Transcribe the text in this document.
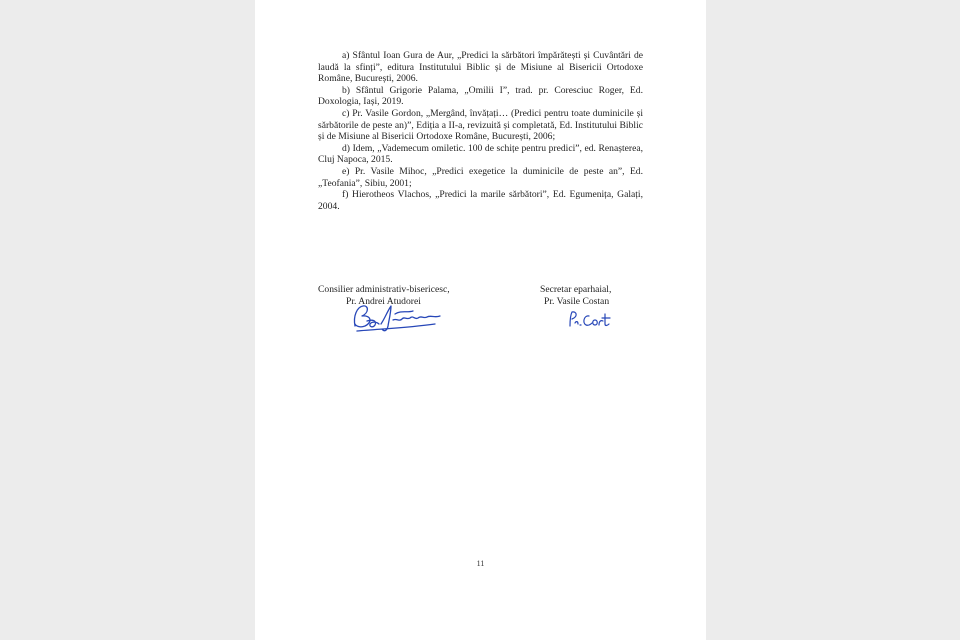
a) Sfântul Ioan Gura de Aur, „Predici la sărbători împărătești și Cuvântări de laudă la sfinți”, editura Institutului Biblic și de Misiune al Bisericii Ortodoxe Române, București, 2006.

b) Sfântul Grigorie Palama, „Omilii I”, trad. pr. Coresciuc Roger, Ed. Doxologia, Iași, 2019.

c) Pr. Vasile Gordon, „Mergând, învățați… (Predici pentru toate duminicile și sărbătorile de peste an)”, Ediția a II-a, revizuită și completată, Ed. Institutului Biblic și de Misiune al Bisericii Ortodoxe Române, București, 2006;

d) Idem, „Vademecum omiletic. 100 de schițe pentru predici”, ed. Renașterea, Cluj Napoca, 2015.

e) Pr. Vasile Mihoc, „Predici exegetice la duminicile de peste an”, Ed. „Teofania”, Sibiu, 2001;

f) Hierotheos Vlachos, „Predici la marile sărbători”, Ed. Egumenița, Galați, 2004.

Consilier administrativ-bisericesc,
Pr. Andrei Atudorei
Secretar eparhaial,
Pr. Vasile Costan
11
